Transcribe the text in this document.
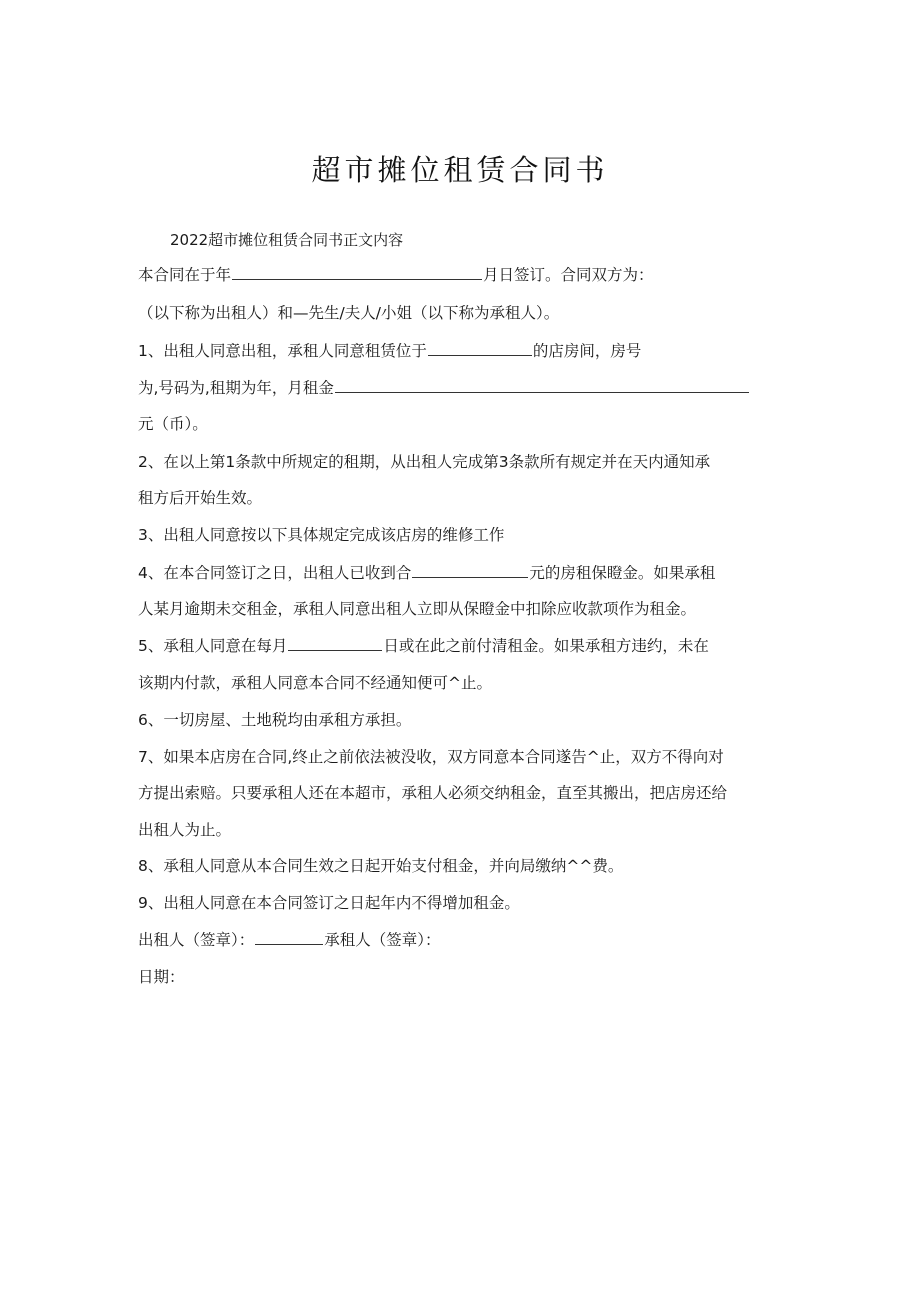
超市摊位租赁合同书
2022超市摊位租赁合同书正文内容
本合同在于年	月日签订。合同双方为：
（以下称为出租人）和—先生/夫人/小姐（以下称为承租人）。
1、出租人同意出租，承租人同意租赁位于	的店房间，房号
为,号码为,租期为年，月租金
元（币）。
2、在以上第1条款中所规定的租期，从出租人完成第3条款所有规定并在天内通知承
租方后开始生效。
3、出租人同意按以下具体规定完成该店房的维修工作
4、在本合同签订之日，出租人已收到合	元的房租保瞪金。如果承租
人某月逾期未交租金，承租人同意出租人立即从保瞪金中扣除应收款项作为租金。
5、承租人同意在每月	日或在此之前付清租金。如果承租方违约，未在
该期内付款，承租人同意本合同不经通知便可^止。
6、一切房屋、土地税均由承租方承担。
7、如果本店房在合同,终止之前依法被没收，双方同意本合同遂告^止，双方不得向对
方提出索赔。只要承租人还在本超市，承租人必须交纳租金，直至其搬出，把店房还给
出租人为止。
8、承租人同意从本合同生效之日起开始支付租金，并向局缴纳^^费。
9、出租人同意在本合同签订之日起年内不得增加租金。
出租人（签章）：	承租人（签章）：
日期：
